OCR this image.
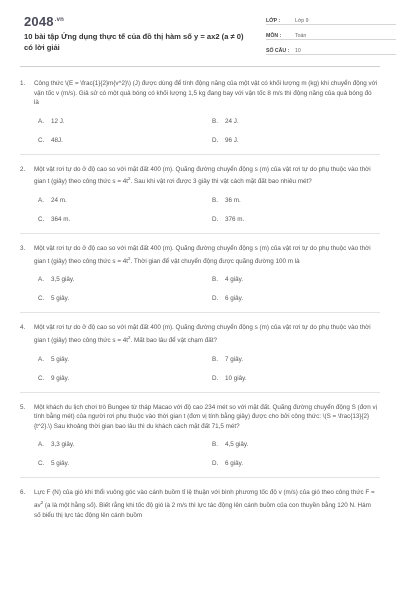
$2048^{.vn}$
10 bài tập Ứng dụng thực tế của đồ thị hàm số y = ax2 (a ≠ 0) có lời giải
LỚP :	Lớp 9
MÔN :	Toán
SỐ CÂU :	10
1.	Công thức \(E = \frac{1}{2}m{v^2}\) (J) được dùng để tính động năng của một vật có khối lượng m (kg) khi chuyển động với vận tốc v (m/s). Giả sử có một quả bóng có khối lượng 1,5 kg đang bay với vận tốc 8 m/s thì động năng của quả bóng đó là
A. 12 J.	B. 24 J.
C. 48J.	D. 96 J.
2.	Một vật rơi tự do ở độ cao so với mặt đất 400 (m). Quãng đường chuyển động s (m) của vật rơi tự do phụ thuộc vào thời gian t (giây) theo công thức $s = 4t^2$. Sau khi vật rơi được 3 giây thì vật cách mặt đất bao nhiêu mét?
A. 24 m.	B. 36 m.
C. 364 m.	D. 376 m.
3.	Một vật rơi tự do ở độ cao so với mặt đất 400 (m). Quãng đường chuyển động s (m) của vật rơi tự do phụ thuộc vào thời gian t (giây) theo công thức $s = 4t^2$. Thời gian để vật chuyển động được quãng đường 100 m là
A. 3,5 giây.	B. 4 giây.
C. 5 giây.	D. 6 giây.
4.	Một vật rơi tự do ở độ cao so với mặt đất 400 (m). Quãng đường chuyển động s (m) của vật rơi tự do phụ thuộc vào thời gian t (giây) theo công thức $s = 4t^2$. Mất bao lâu để vật chạm đất?
A. 5 giây.	B. 7 giây.
C. 9 giây.	D. 10 giây.
5.	Một khách du lịch chơi trò Bungee từ tháp Macao với độ cao 234 mét so với mặt đất. Quãng đường chuyển động S (đơn vị tính bằng mét) của người rơi phụ thuộc vào thời gian t (đơn vị tính bằng giây) được cho bởi công thức: \(S = \frac{13}{2}{t^2}.\) Sau khoảng thời gian bao lâu thì du khách cách mặt đất 71,5 mét?
A. 3,3 giây.	B. 4,5 giây.
C. 5 giây.	D. 6 giây.
6.	Lực F (N) của gió khi thổi vuông góc vào cánh buồm tỉ lệ thuận với bình phương tốc độ v (m/s) của gió theo công thức $F = av^2$ (a là một hằng số). Biết rằng khi tốc độ gió là 2 m/s thì lực tác động lên cánh buồm của con thuyền bằng 120 N. Hám số biểu thị lực tác động lên cánh buồm
